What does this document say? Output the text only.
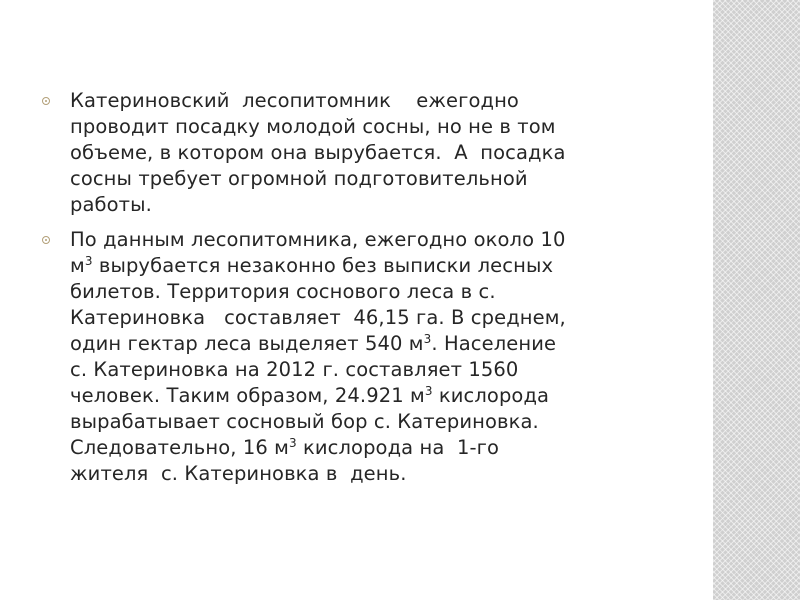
Катериновский  лесопитомник    ежегодно
проводит посадку молодой сосны, но не в том
объеме, в котором она вырубается.  А  посадка
сосны требует огромной подготовительной
работы.
По данным лесопитомника, ежегодно около 10
$м^3$ вырубается незаконно без выписки лесных
билетов. Территория соснового леса в с.
Катериновка   составляет  46,15 га. В среднем,
один гектар леса выделяет 540 $м^3$. Население
с. Катериновка на 2012 г. составляет 1560
человек. Таким образом, 24.921 $м^3$ кислорода
вырабатывает сосновый бор с. Катериновка.
Следовательно, 16 $м^3$ кислорода на  1-го
жителя  с. Катериновка в  день.
